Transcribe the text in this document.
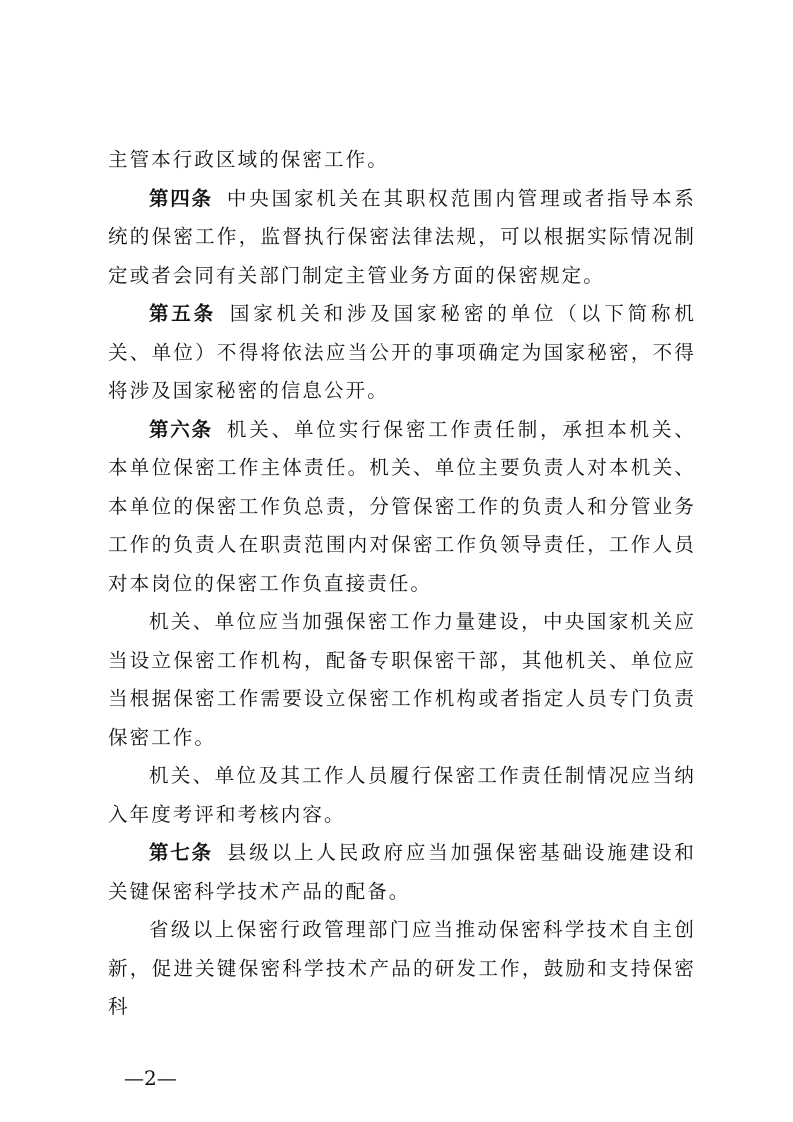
主管本行政区域的保密工作。

第四条 中央国家机关在其职权范围内管理或者指导本系统的保密工作，监督执行保密法律法规，可以根据实际情况制定或者会同有关部门制定主管业务方面的保密规定。

第五条 国家机关和涉及国家秘密的单位（以下简称机关、单位）不得将依法应当公开的事项确定为国家秘密，不得将涉及国家秘密的信息公开。

第六条 机关、单位实行保密工作责任制，承担本机关、本单位保密工作主体责任。机关、单位主要负责人对本机关、本单位的保密工作负总责，分管保密工作的负责人和分管业务工作的负责人在职责范围内对保密工作负领导责任，工作人员对本岗位的保密工作负直接责任。

机关、单位应当加强保密工作力量建设，中央国家机关应当设立保密工作机构，配备专职保密干部，其他机关、单位应当根据保密工作需要设立保密工作机构或者指定人员专门负责保密工作。

机关、单位及其工作人员履行保密工作责任制情况应当纳入年度考评和考核内容。

第七条 县级以上人民政府应当加强保密基础设施建设和关键保密科学技术产品的配备。

省级以上保密行政管理部门应当推动保密科学技术自主创新，促进关键保密科学技术产品的研发工作，鼓励和支持保密科

—2—
